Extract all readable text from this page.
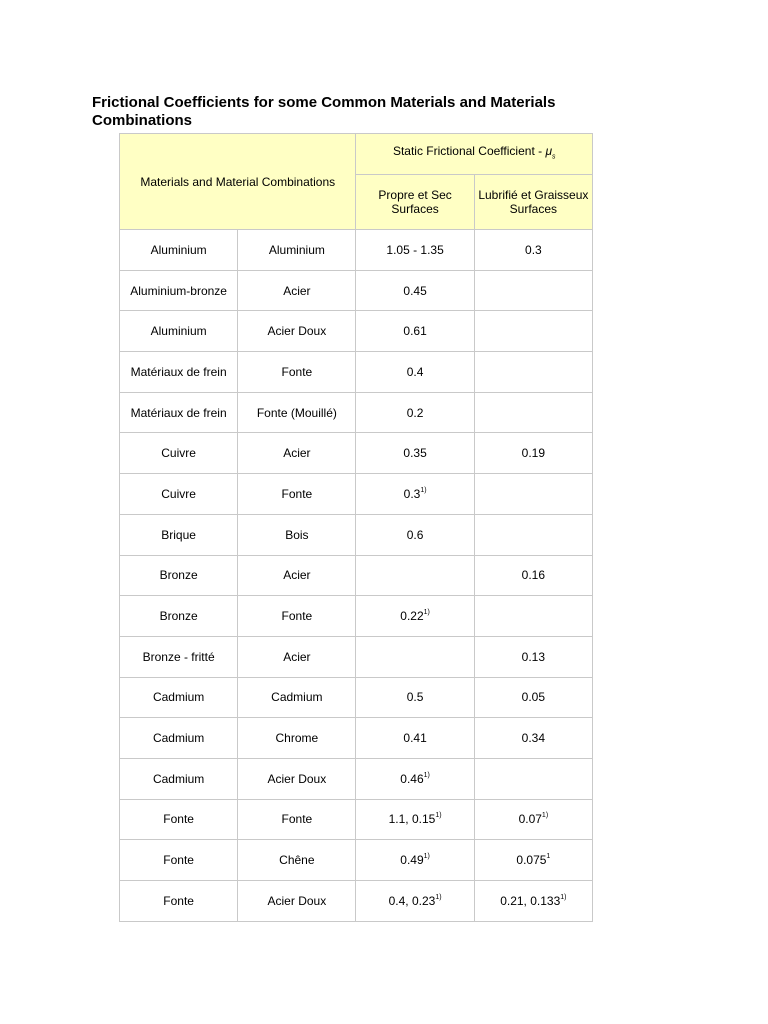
Frictional Coefficients for some Common Materials and Materials Combinations
Materials and Material Combinations		Static Frictional Coefficient - $\mu_s$
		Propre et Sec Surfaces	Lubrifié et Graisseux Surfaces
Aluminium	Aluminium	1.05 - 1.35	0.3
Aluminium-bronze	Acier	0.45	
Aluminium	Acier Doux	0.61	
Matériaux de frein	Fonte	0.4	
Matériaux de frein	Fonte (Mouillé)	0.2	
Cuivre	Acier	0.35	0.19
Cuivre	Fonte	0.3$^{1)}$	
Brique	Bois	0.6	
Bronze	Acier		0.16
Bronze	Fonte	0.22$^{1)}$	
Bronze - fritté	Acier		0.13
Cadmium	Cadmium	0.5	0.05
Cadmium	Chrome	0.41	0.34
Cadmium	Acier Doux	0.46$^{1)}$	
Fonte	Fonte	1.1, 0.15$^{1)}$	0.07$^{1)}$
Fonte	Chêne	0.49$^{1)}$	0.075$^1$
Fonte	Acier Doux	0.4, 0.23$^{1)}$	0.21, 0.133$^{1)}$
